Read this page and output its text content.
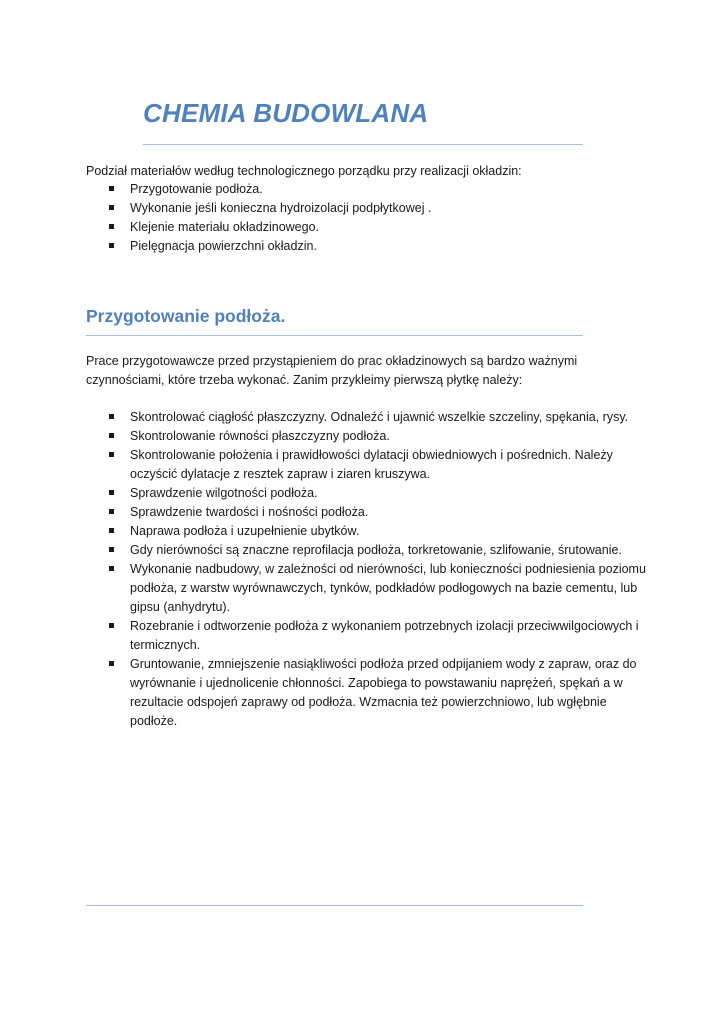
CHEMIA BUDOWLANA
Podział materiałów według technologicznego porządku przy realizacji okładzin:
Przygotowanie podłoża.
Wykonanie jeśli konieczna hydroizolacji podpłytkowej .
Klejenie materiału okładzinowego.
Pielęgnacja powierzchni okładzin.
Przygotowanie podłoża.
Prace przygotowawcze przed przystąpieniem do prac okładzinowych są bardzo ważnymi
czynnościami, które trzeba wykonać. Zanim przykleimy pierwszą płytkę należy:
Skontrolować ciągłość płaszczyzny. Odnaleźć i ujawnić wszelkie szczeliny, spękania, rysy.
Skontrolowanie równości płaszczyzny podłoża.
Skontrolowanie położenia i prawidłowości dylatacji obwiedniowych i pośrednich. Należy oczyścić dylatacje z resztek zapraw i ziaren kruszywa.
Sprawdzenie wilgotności podłoża.
Sprawdzenie twardości i nośności podłoża.
Naprawa podłoża i uzupełnienie ubytków.
Gdy nierówności są znaczne reprofilacja podłoża, torkretowanie, szlifowanie, śrutowanie.
Wykonanie nadbudowy, w zależności od nierówności, lub konieczności podniesienia poziomu podłoża, z warstw wyrównawczych, tynków, podkładów podłogowych na bazie cementu, lub gipsu (anhydrytu).
Rozebranie i odtworzenie podłoża z wykonaniem potrzebnych izolacji przeciwwilgociowych i termicznych.
Gruntowanie, zmniejszenie nasiąkliwości podłoża przed odpijaniem wody z zapraw, oraz do wyrównanie i ujednolicenie chłonności. Zapobiega to powstawaniu naprężeń, spękań a w rezultacie odspojeń zaprawy od podłoża. Wzmacnia też powierzchniowo, lub wgłębnie podłoże.
